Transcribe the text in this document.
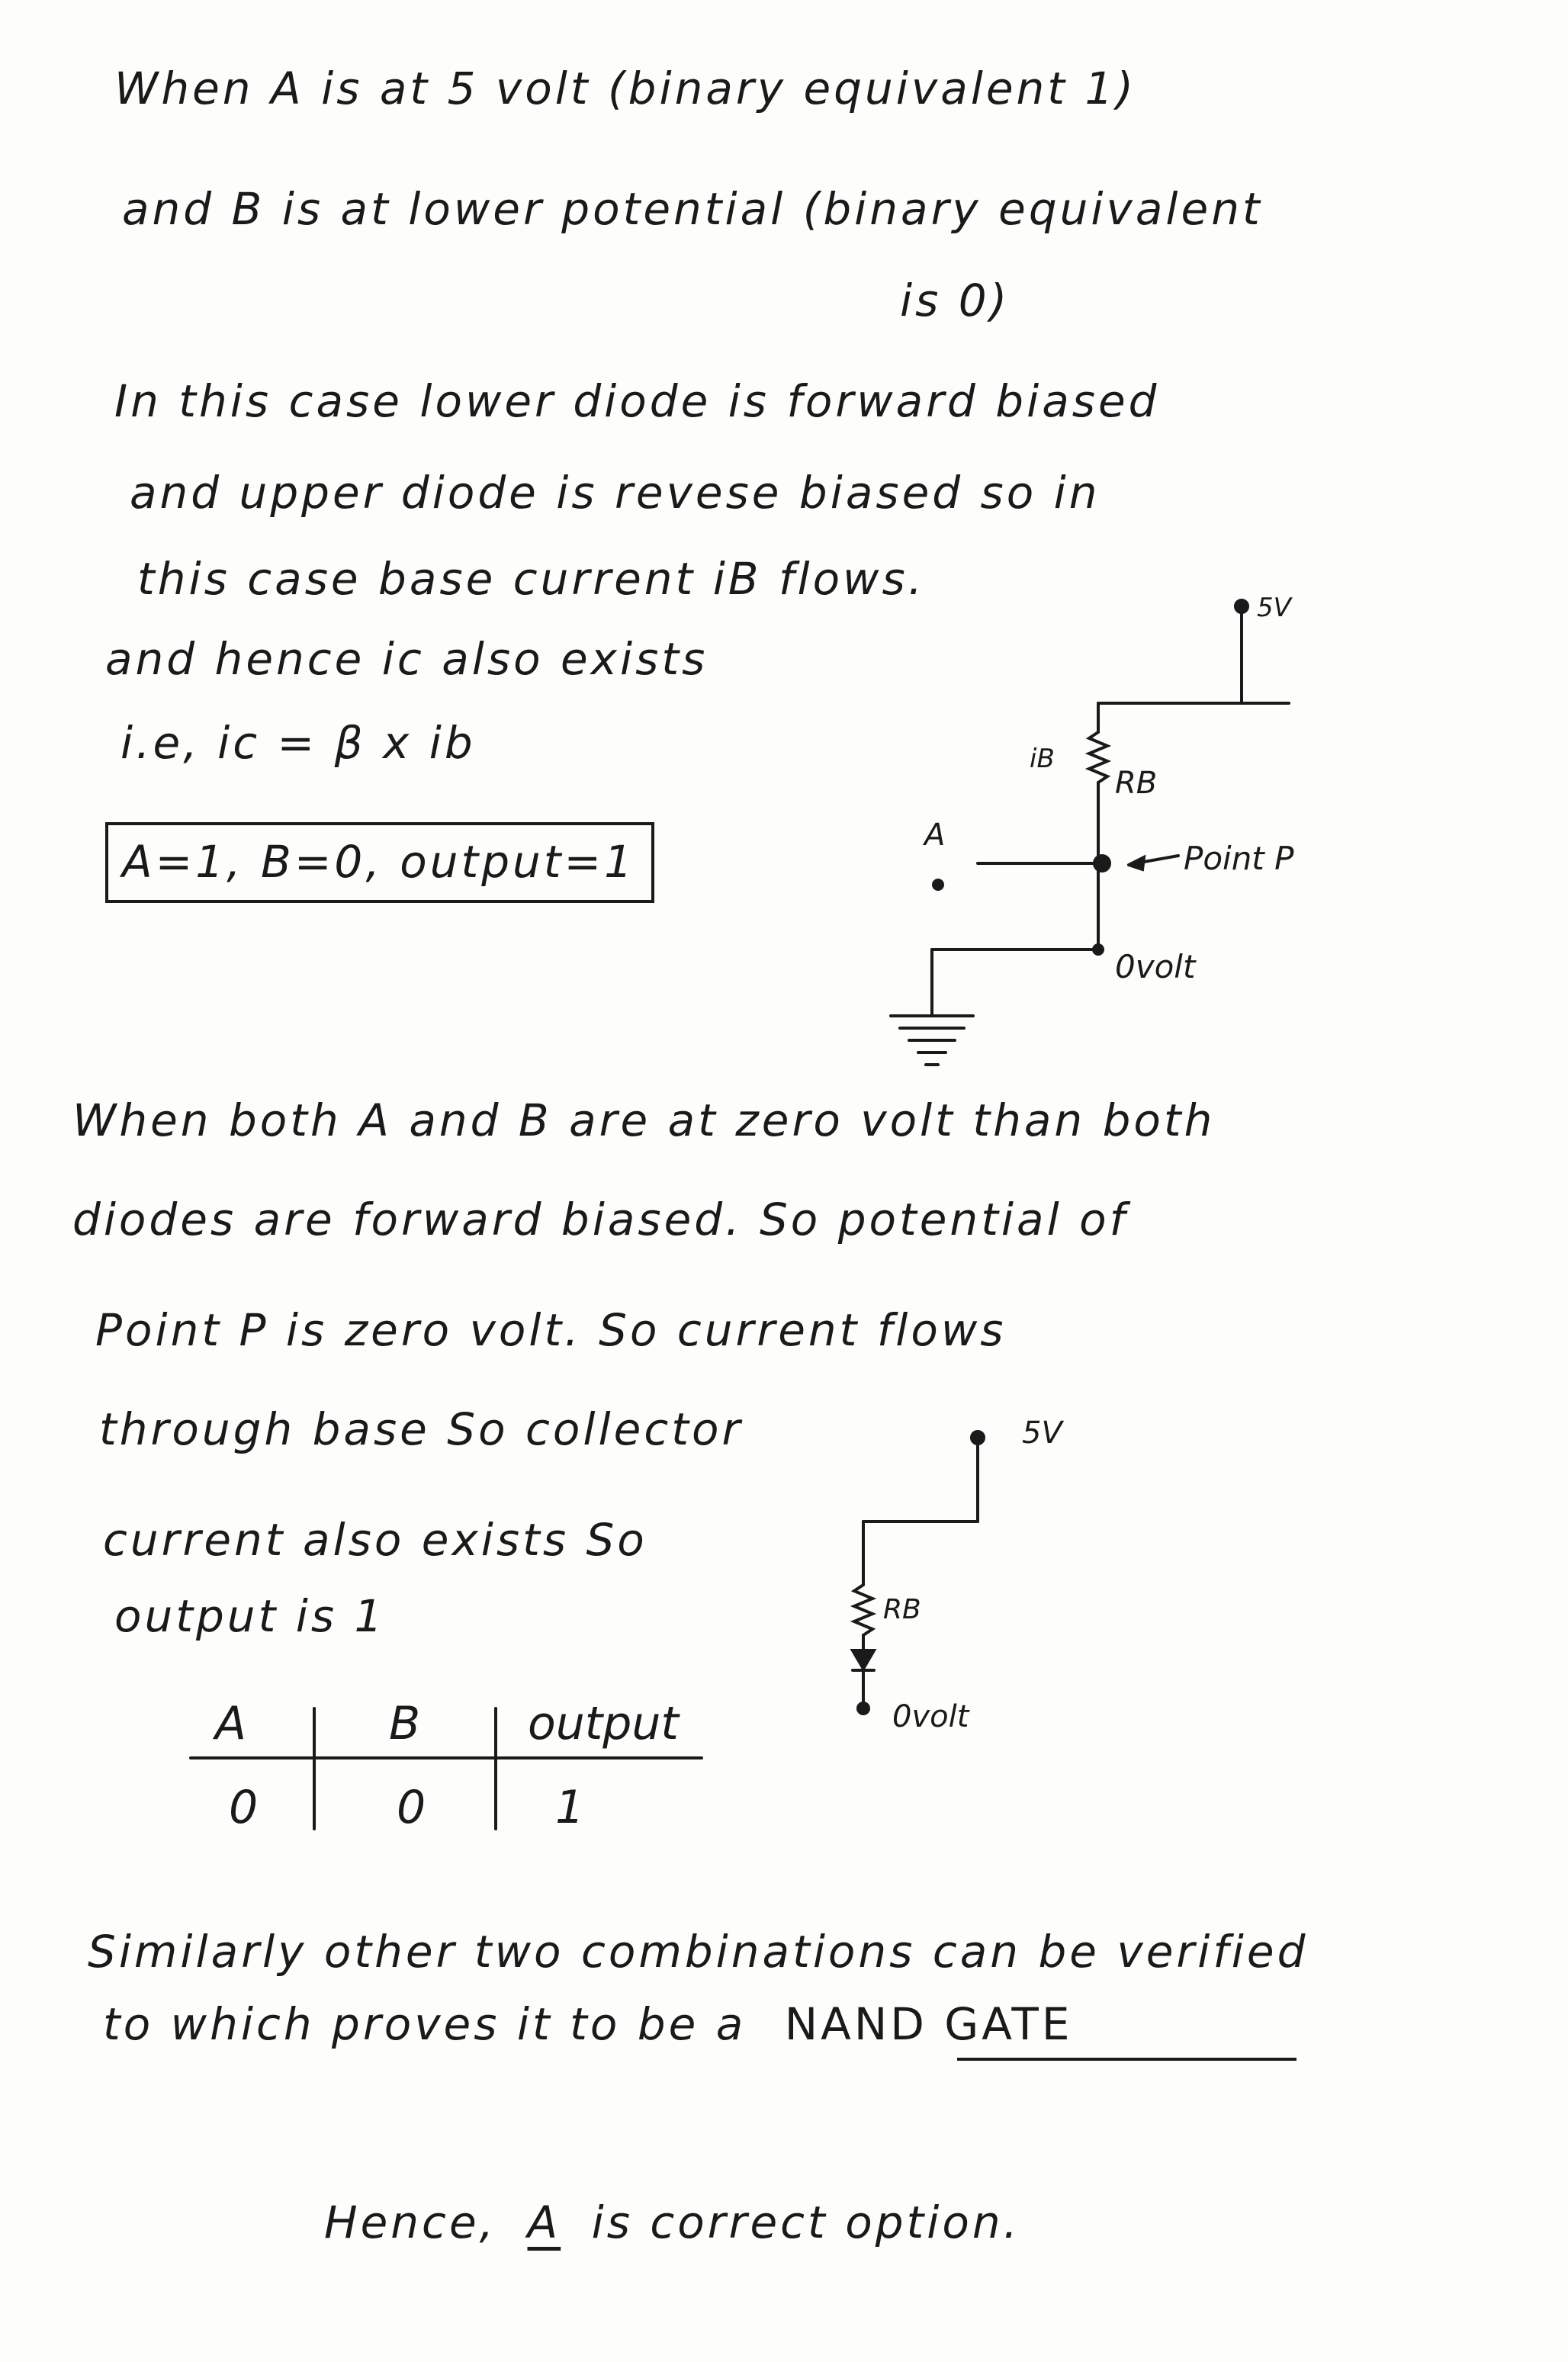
When A is at 5 volt (binary equivalent 1)
and B is at lower potential (binary equivalent
is 0)
In this case lower diode is forward biased
and upper diode is revese biased so in
this case base current iB flows.
and hence ic also exists
i.e, ic = β x ib
A=1, B=0, output=1
5V
iB
RB
A
Point P
0volt
5V
RB
0volt
When both A and B are at zero volt than both
diodes are forward biased. So potential of
Point P is zero volt. So current flows
through base So collector
current also exists So
output is 1
A	B output
0	0	1
Similarly other two combinations can be verified
to which proves it to be a NAND GATE
Hence, A is correct option.
